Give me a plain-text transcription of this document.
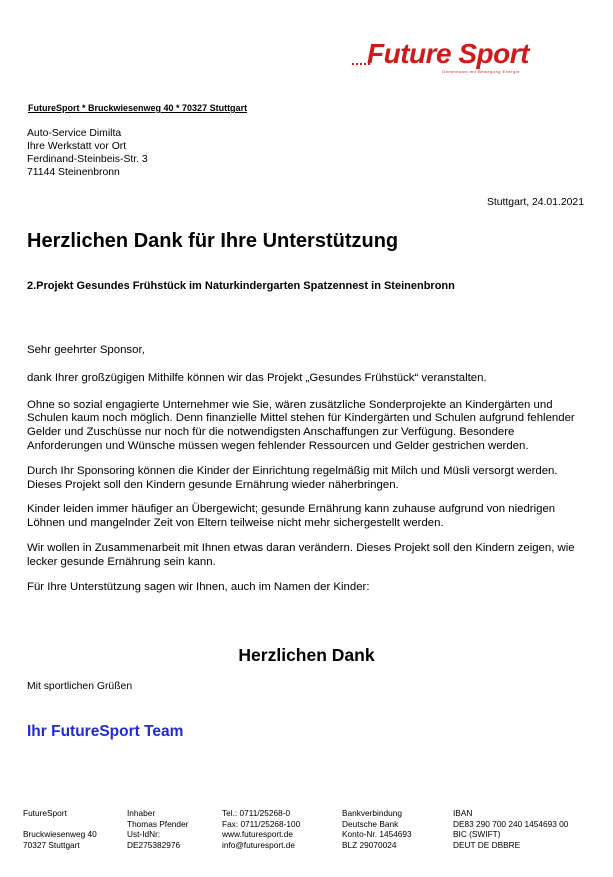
Future Sport
Gemeinsam mit Bewegung Energie
FutureSport * Bruckwiesenweg 40 * 70327 Stuttgart
Auto-Service Dimilta
Ihre Werkstatt vor Ort
Ferdinand-Steinbeis-Str. 3
71144 Steinenbronn
Stuttgart, 24.01.2021
Herzlichen Dank für Ihre Unterstützung
2.Projekt Gesundes Frühstück im Naturkindergarten Spatzennest in Steinenbronn

Sehr geehrter Sponsor,

dank Ihrer großzügigen Mithilfe können wir das Projekt „Gesundes Frühstück“ veranstalten.

Ohne so sozial engagierte Unternehmer wie Sie, wären zusätzliche Sonderprojekte an Kindergärten und Schulen kaum noch möglich. Denn finanzielle Mittel stehen für Kindergärten und Schulen aufgrund fehlender Gelder und Zuschüsse nur noch für die notwendigsten Anschaffungen zur Verfügung. Besondere Anforderungen und Wünsche müssen wegen fehlender Ressourcen und Gelder gestrichen werden.

Durch Ihr Sponsoring können die Kinder der Einrichtung regelmäßig mit Milch und Müsli versorgt werden. Dieses Projekt soll den Kindern gesunde Ernährung wieder näherbringen.

Kinder leiden immer häufiger an Übergewicht; gesunde Ernährung kann zuhause aufgrund von niedrigen Löhnen und mangelnder Zeit von Eltern teilweise nicht mehr sichergestellt werden.

Wir wollen in Zusammenarbeit mit Ihnen etwas daran verändern. Dieses Projekt soll den Kindern zeigen, wie lecker gesunde Ernährung sein kann.

Für Ihre Unterstützung sagen wir Ihnen, auch im Namen der Kinder:

Herzlichen Dank
Mit sportlichen Grüßen
Ihr FutureSport Team
FutureSport
Bruckwiesenweg 40
70327 Stuttgart
Inhaber
Thomas Pfender
Ust-IdNr:
DE275382976
Tel.: 0711/25268-0
Fax: 0711/25268-100
www.futuresport.de
info@futuresport.de
Bankverbindung
Deutsche Bank
Konto-Nr. 1454693
BLZ 29070024
IBAN
DE83 290 700 240 1454693 00
BIC (SWIFT)
DEUT DE DBBRE
